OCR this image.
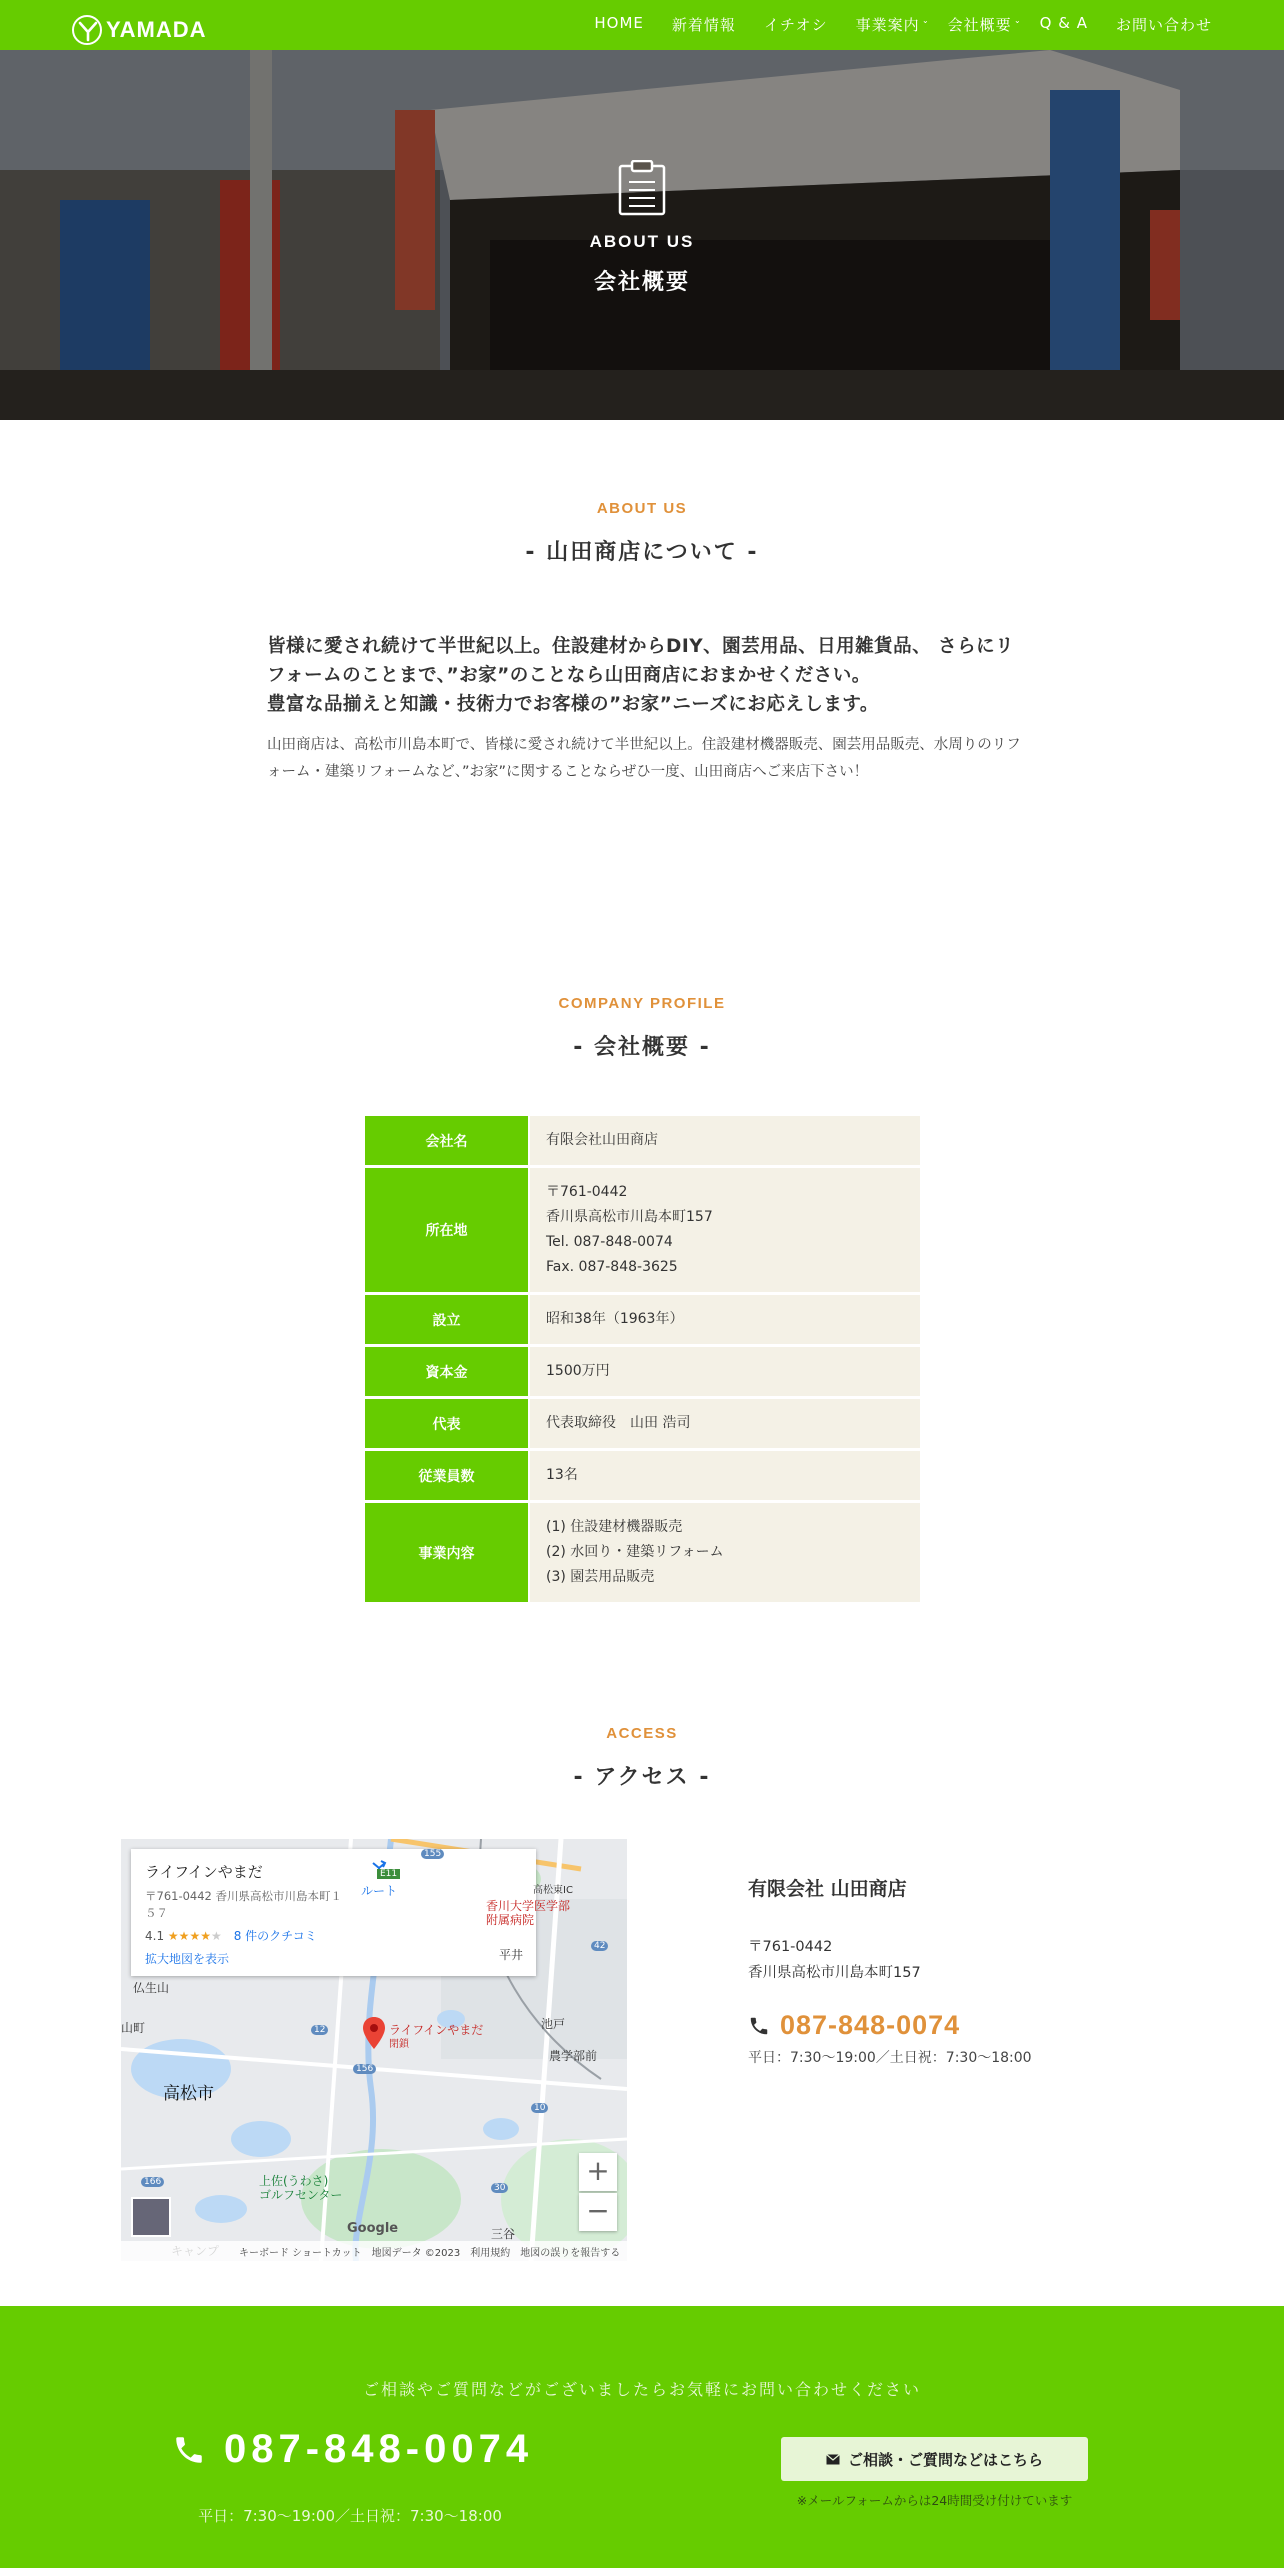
YAMADA	HOME 新着情報 イチオシ 事業案内 ⌄ 会社概要 ⌄ Q & A お問い合わせ
ABOUT US
会社概要
ABOUT US
- 山田商店について -
皆様に愛され続けて半世紀以上。住設建材からDIY、園芸用品、日用雑貨品、 さらにリフォームのことまで、”お家”のことなら山田商店におまかせください。
豊富な品揃えと知識・技術力でお客様の”お家”ニーズにお応えします。
山田商店は、高松市川島本町で、皆様に愛され続けて半世紀以上。住設建材機器販売、園芸用品販売、水周りのリフォーム・建築リフォームなど、”お家”に関することならぜひ一度、山田商店へご来店下さい！
COMPANY PROFILE
- 会社概要 -
会社名	有限会社山田商店
所在地	〒761-0442
香川県高松市川島本町157
Tel. 087-848-0074
Fax. 087-848-3625
設立	昭和38年（1963年）
資本金	1500万円
代表	代表取締役　山田 浩司
従業員数	13名
事業内容	(1) 住設建材機器販売
(2) 水回り・建築リフォーム
(3) 園芸用品販売
ACCESS
- アクセス -
ライフインやまだ
〒761-0442 香川県高松市川島本町１５７
4.1 ★★★★★ 8 件のクチコミ
拡大地図を表示
ルート
ライフインやまだ
閉鎖
香川大学医学部
附属病院
高松市
上佐(うわさ)
ゴルフセンター
仏生山
山町	池戸
農学部前
平井
三谷
高松東IC
E11
12
42
10
156
30
166
155
+
−
Google
キーボード ショートカット　地図データ ©2023　利用規約　地図の誤りを報告する
有限会社 山田商店
〒761-0442
香川県高松市川島本町157
087-848-0074
平日：7:30〜19:00／土日祝：7:30〜18:00
ご相談やご質問などがございましたらお気軽にお問い合わせください
087-848-0074
平日：7:30〜19:00／土日祝：7:30〜18:00
ご相談・ご質問などはこちら
※メールフォームからは24時間受け付けています
